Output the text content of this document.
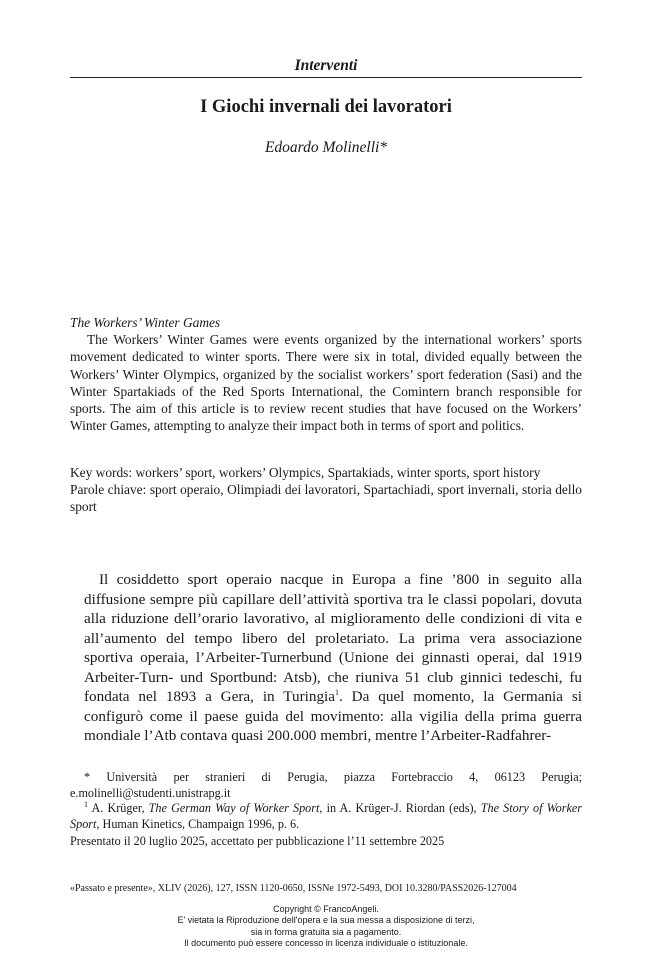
Interventi
I Giochi invernali dei lavoratori
Edoardo Molinelli*
The Workers’ Winter Games

The Workers’ Winter Games were events organized by the international workers’ sports movement dedicated to winter sports. There were six in total, divided equally between the Workers’ Winter Olympics, organized by the socialist workers’ sport federation (Sasi) and the Winter Spartakiads of the Red Sports International, the Comintern branch responsible for sports. The aim of this article is to review recent studies that have focused on the Workers’ Winter Games, attempting to analyze their impact both in terms of sport and politics.

Key words: workers’ sport, workers’ Olympics, Spartakiads, winter sports, sport history

Parole chiave: sport operaio, Olimpiadi dei lavoratori, Spartachiadi, sport invernali, storia dello sport

Il cosiddetto sport operaio nacque in Europa a fine ’800 in seguito alla diffusione sempre più capillare dell’attività sportiva tra le classi popolari, dovuta alla riduzione dell’orario lavorativo, al miglioramento delle condizioni di vita e all’aumento del tempo libero del proletariato. La prima vera associazione sportiva operaia, l’Arbeiter-Turnerbund (Unione dei ginnasti operai, dal 1919 Arbeiter-Turn- und Sportbund: Atsb), che riuniva 51 club ginnici tedeschi, fu fondata nel 1893 a Gera, in Turingia$^1$. Da quel momento, la Germania si configurò come il paese guida del movimento: alla vigilia della prima guerra mondiale l’Atb contava quasi 200.000 membri, mentre l’Arbeiter-Radfahrer-

* Università per stranieri di Perugia, piazza Fortebraccio 4, 06123 Perugia; e.molinelli@studenti.unistrapg.it

$^1$ A. Krüger, The German Way of Worker Sport, in A. Krüger-J. Riordan (eds), The Story of Worker Sport, Human Kinetics, Champaign 1996, p. 6.

Presentato il 20 luglio 2025, accettato per pubblicazione l’11 settembre 2025
«Passato e presente», XLIV (2026), 127, ISSN 1120-0650, ISSNe 1972-5493, DOI 10.3280/PASS2026-127004
Copyright © FrancoAngeli.
E' vietata la Riproduzione dell'opera e la sua messa a disposizione di terzi,
sia in forma gratuita sia a pagamento.
Il documento può essere concesso in licenza individuale o istituzionale.
